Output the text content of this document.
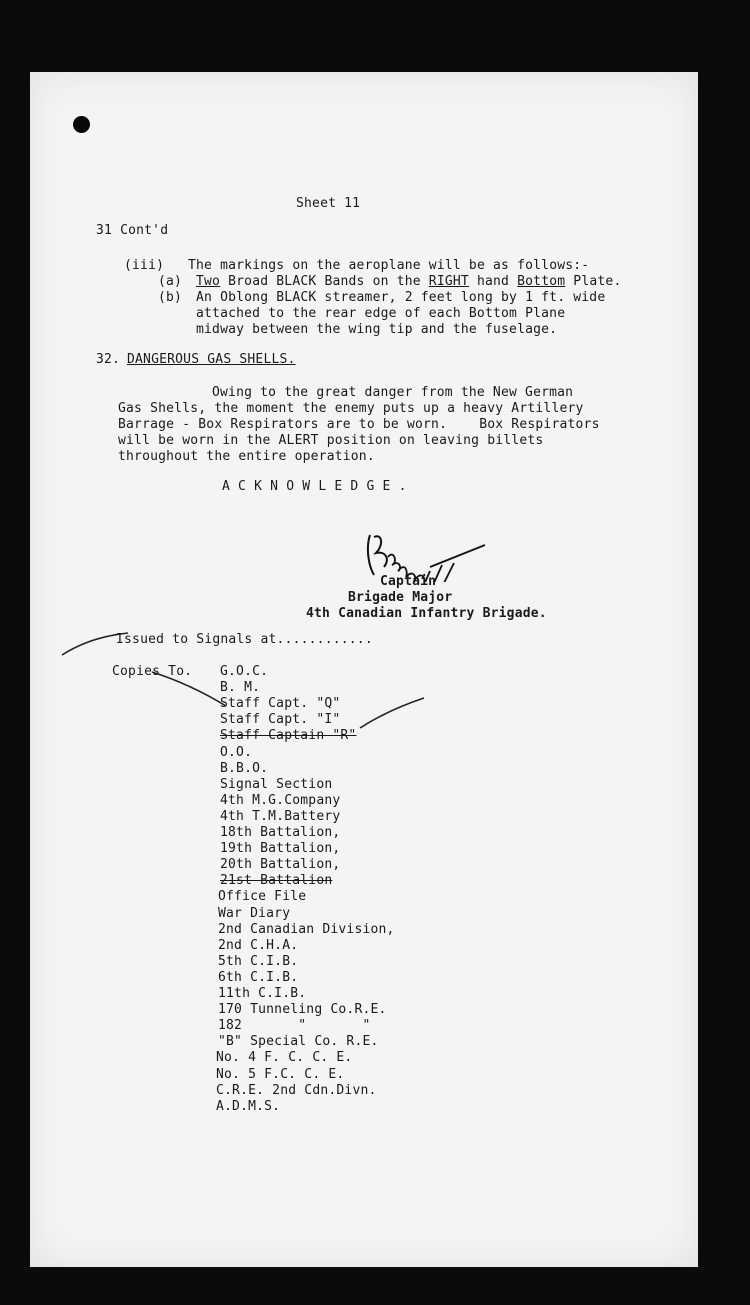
Sheet 11
31 Cont'd
(iii) The markings on the aeroplane will be as follows:-
(a) Two Broad BLACK Bands on the RIGHT hand Bottom Plate.
(b) An Oblong BLACK streamer, 2 feet long by 1 ft. wide
attached to the rear edge of each Bottom Plane
midway between the wing tip and the fuselage.
32. DANGEROUS GAS SHELLS.
Owing to the great danger from the New German
Gas Shells, the moment the enemy puts up a heavy Artillery
Barrage - Box Respirators are to be worn.    Box Respirators
will be worn in the ALERT position on leaving billets
throughout the entire operation.
A C K N O W L E D G E .
Captain
Brigade Major
4th Canadian Infantry Brigade.
Issued to Signals at............
Copies To. G.O.C.
B. M.
Staff Capt. "Q"
Staff Capt. "I"
Staff Captain "R"
O.O.
B.B.O.
Signal Section
4th M.G.Company
4th T.M.Battery
18th Battalion,
19th Battalion,
20th Battalion,
21st Battalion
Office File
War Diary
2nd Canadian Division,
2nd C.H.A.
5th C.I.B.
6th C.I.B.
11th C.I.B.
170 Tunneling Co.R.E.
182       "       "
"B" Special Co. R.E.
No. 4 F. C. C. E.
No. 5 F.C. C. E.
C.R.E. 2nd Cdn.Divn.
A.D.M.S.
